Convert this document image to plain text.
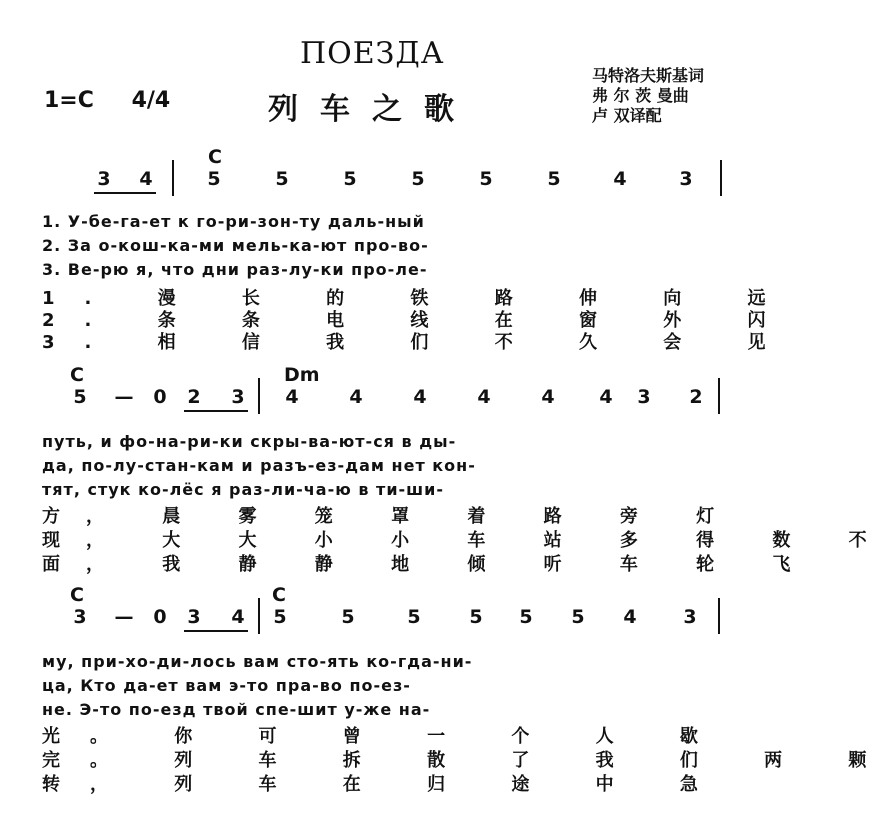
ПОЕЗДА
列车之歌
1=C 4/4
马特洛夫斯基词
弗 尔 茨 曼曲
卢 双译配
C
3 4	5	5	5	5	5	5	4	3
1. У-бе-га-ет к го-ри-зон-ту даль-ный
2. За о-кош-ка-ми мель-ка-ют про-во-
3. Ве-рю я, что дни раз-лу-ки про-ле-
1. 漫 长 的 铁 路 伸 向 远
2. 条 条 电 线 在 窗 外 闪
3. 相 信 我 们 不 久 会 见
C	Dm
5 — 0 2 3 4	4	4	4	4 4 3 2
путь, и фо-на-ри-ки скры-ва-ют-ся в ды-
да, по-лу-стан-кам и разъ-ез-дам нет кон-
тят, стук ко-лёс я раз-ли-ча-ю в ти-ши-
方， 晨 雾 笼 罩 着 路 旁 灯
现， 大 大 小 小 车 站 多 得 数 不
面， 我 静 静 地 倾 听 车 轮 飞
C	C
3 — 0 3 4 5	5	5	5 5 5 4 3
му, при-хо-ди-лось вам сто-ять ко-гда-ни-
ца, Кто да-ет вам э-то пра-во по-ез-
не. Э-то по-езд твой спе-шит у-же на-
光。 你 可 曾 一 个 人 歇
完。 列 车 拆 散 了 我 们 两 颗
转， 列 车 在 归 途 中 急
